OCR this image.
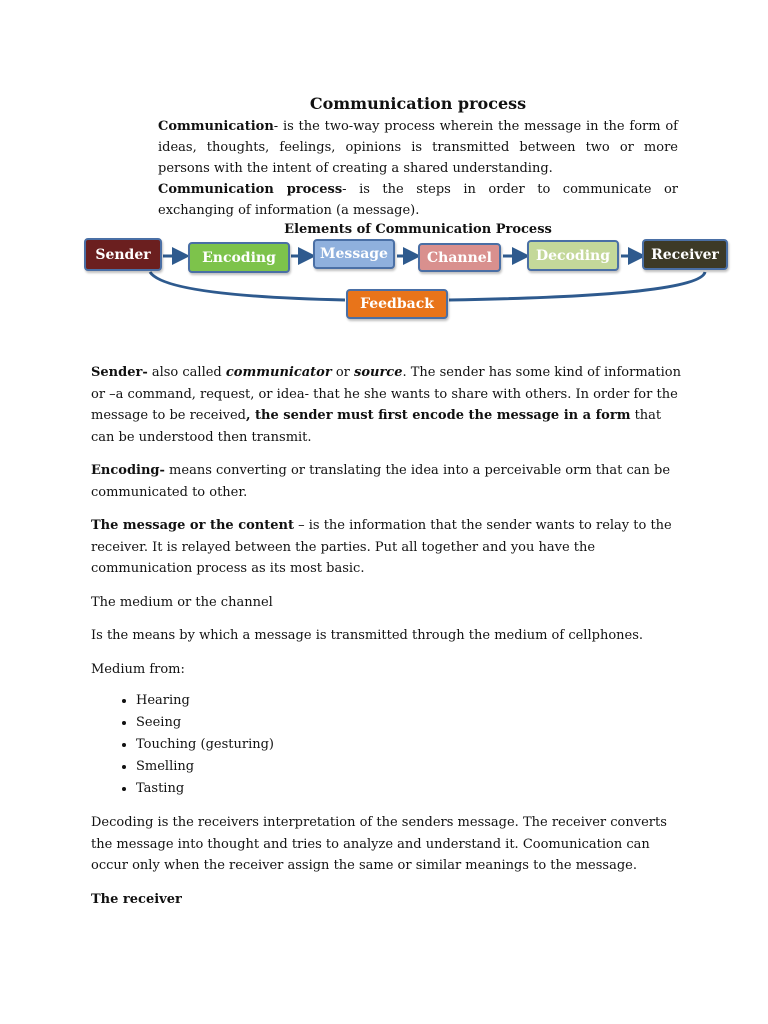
Communication process

Communication- is the two-way process wherein the message in the form of ideas, thoughts, feelings, opinions is transmitted between two or more persons with the intent of creating a shared understanding.

Communication process- is the steps in order to communicate or exchanging of information (a message).

Elements of Communication Process
Sender	Encoding	Message	Channel	Decoding	Receiver
Feedback

Sender- also called communicator or source. The sender has some kind of information or –a command, request, or idea- that he she wants to share with others. In order for the message to be received, the sender must first encode the message in a form that can be understood then transmit.

Encoding- means converting or translating the idea into a perceivable orm that can be communicated to other.

The message or the content – is the information that the sender wants to relay to the receiver. It is relayed between the parties. Put all together and you have the communication process as its most basic.

The medium or the channel

Is the means by which a message is transmitted through the medium of cellphones.

Medium from:

• Hearing
• Seeing
• Touching (gesturing)
• Smelling
• Tasting

Decoding is the receivers interpretation of the senders message. The receiver converts the message into thought and tries to analyze and understand it. Coomunication can occur only when the receiver assign the same or similar meanings to the message.

The receiver
